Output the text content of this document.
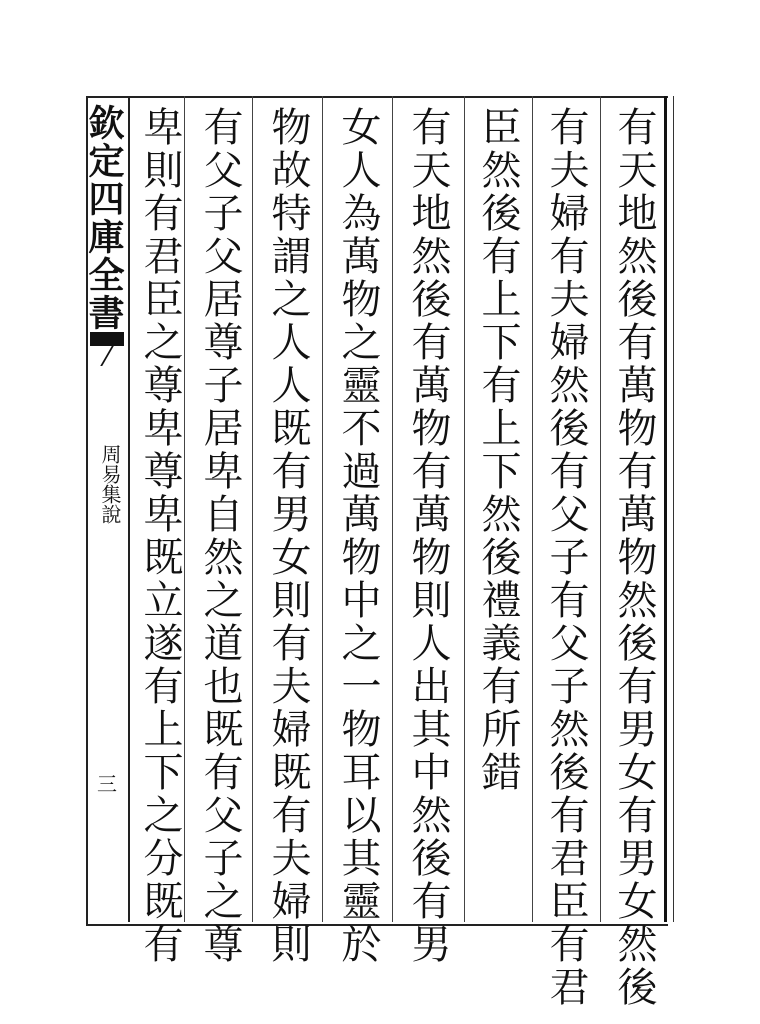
欽定四庫全書
周易集說
三	有天地然後有萬物有萬物然後有男女有男女然後
有夫婦有夫婦然後有父子有父子然後有君臣有君
臣然後有上下有上下然後禮義有所錯
有天地然後有萬物有萬物則人出其中然後有男
女人為萬物之靈不過萬物中之一物耳以其靈於
物故特謂之人人既有男女則有夫婦既有夫婦則
有父子父居尊子居卑自然之道也既有父子之尊
卑則有君臣之尊卑尊卑既立遂有上下之分既有
